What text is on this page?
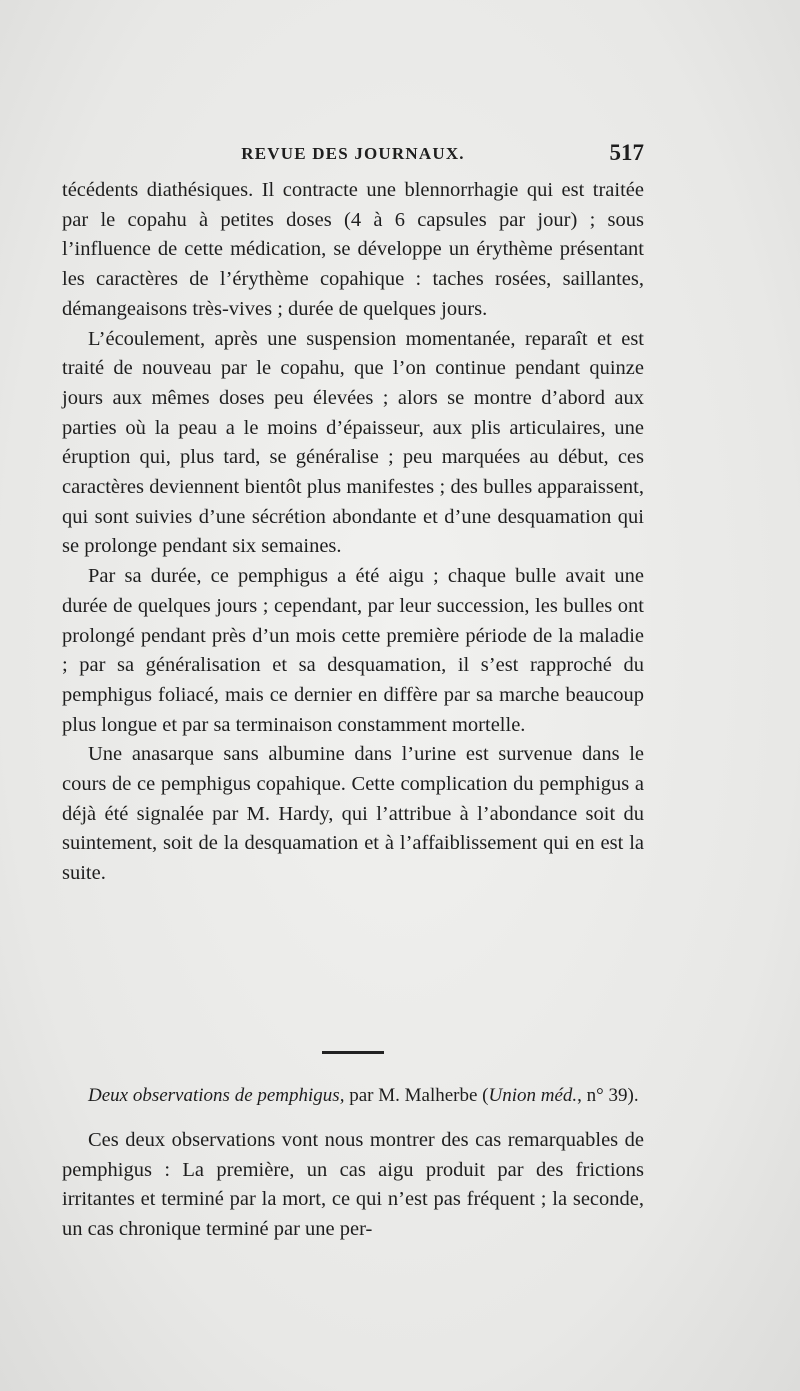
REVUE DES JOURNAUX.	517

técédents diathésiques. Il contracte une blennorrhagie qui est traitée par le copahu à petites doses (4 à 6 capsules par jour) ; sous l’influence de cette médication, se développe un érythème présentant les caractères de l’érythème copahique : taches rosées, saillantes, démangeaisons très-vives ; durée de quelques jours.

L’écoulement, après une suspension momentanée, reparaît et est traité de nouveau par le copahu, que l’on continue pendant quinze jours aux mêmes doses peu élevées ; alors se montre d’abord aux parties où la peau a le moins d’épaisseur, aux plis articulaires, une éruption qui, plus tard, se généralise ; peu marquées au début, ces caractères deviennent bientôt plus manifestes ; des bulles apparaissent, qui sont suivies d’une sécrétion abondante et d’une desquamation qui se prolonge pendant six semaines.

Par sa durée, ce pemphigus a été aigu ; chaque bulle avait une durée de quelques jours ; cependant, par leur succession, les bulles ont prolongé pendant près d’un mois cette première période de la maladie ; par sa généralisation et sa desquamation, il s’est rapproché du pemphigus foliacé, mais ce dernier en diffère par sa marche beaucoup plus longue et par sa terminaison constamment mortelle.

Une anasarque sans albumine dans l’urine est survenue dans le cours de ce pemphigus copahique. Cette complication du pemphigus a déjà été signalée par M. Hardy, qui l’attribue à l’abondance soit du suintement, soit de la desquamation et à l’affaiblissement qui en est la suite.

Deux observations de pemphigus, par M. Malherbe (Union méd., n° 39).

Ces deux observations vont nous montrer des cas remarquables de pemphigus : La première, un cas aigu produit par des frictions irritantes et terminé par la mort, ce qui n’est pas fréquent ; la seconde, un cas chronique terminé par une per-
